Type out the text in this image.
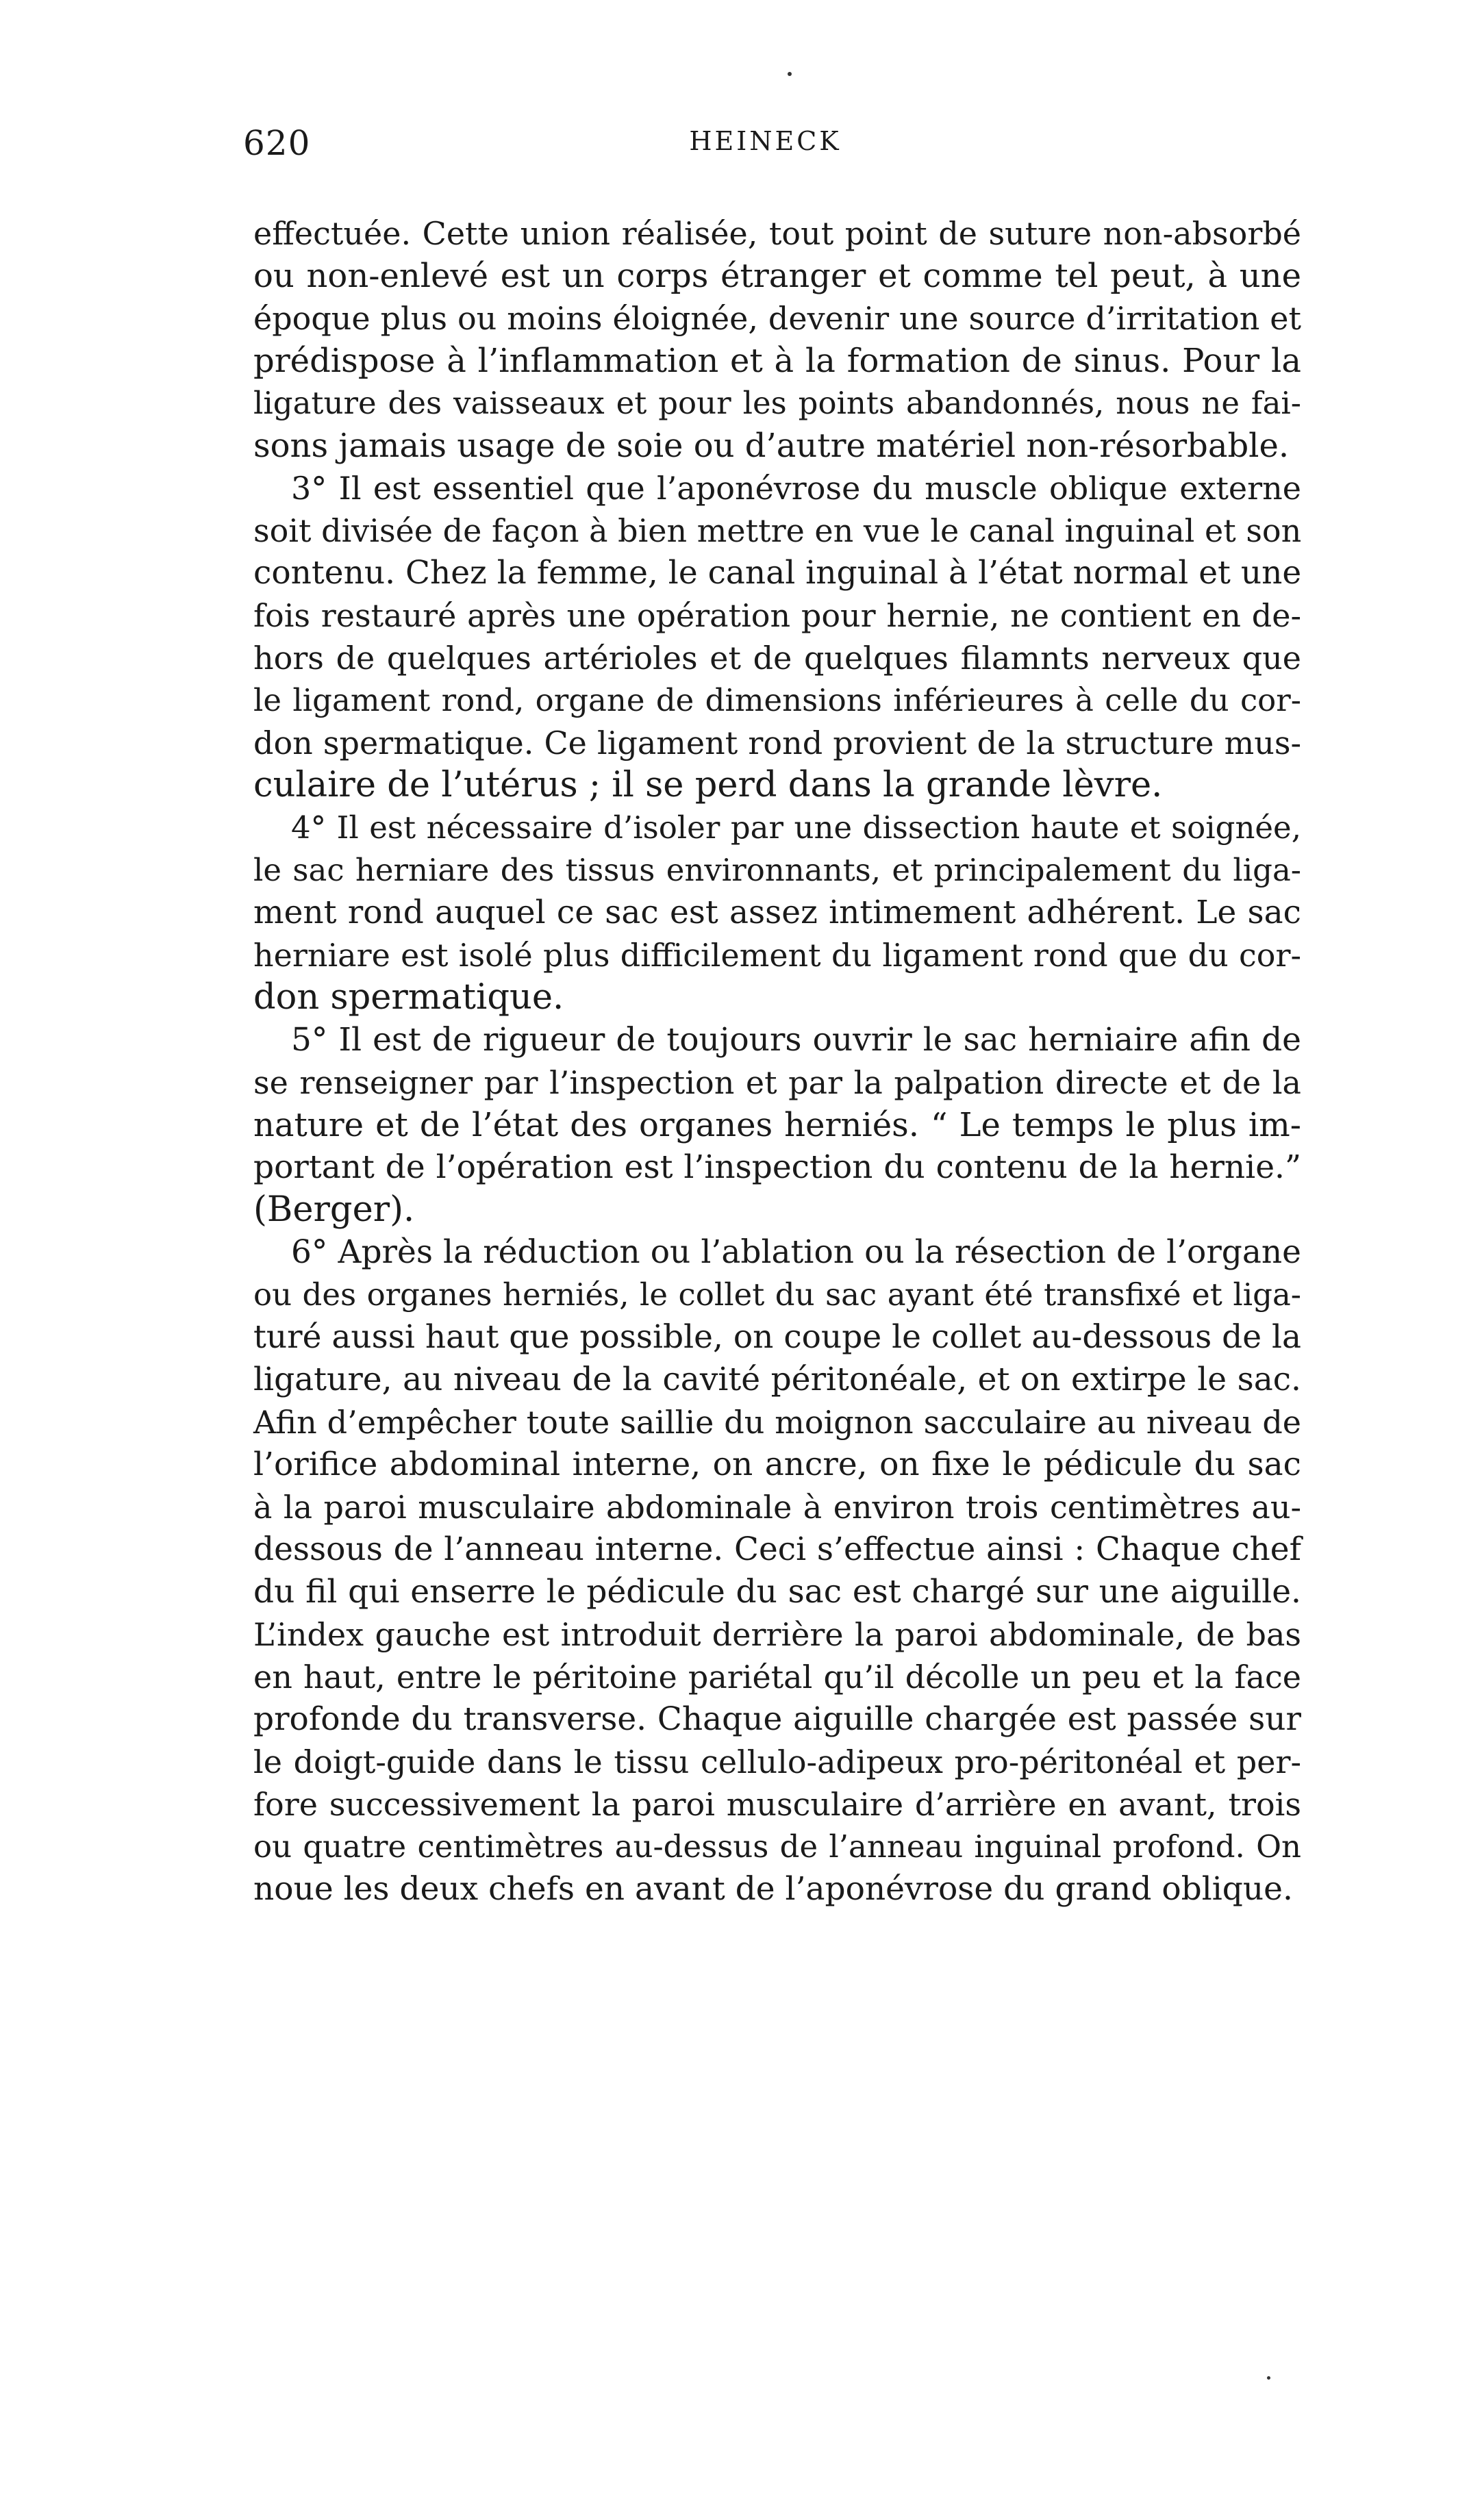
620	HEINECK
effectuée. Cette union réalisée, tout point de suture non-absorbé
ou non-enlevé est un corps étranger et comme tel peut, à une
époque plus ou moins éloignée, devenir une source d’irritation et
prédispose à l’inflammation et à la formation de sinus. Pour la
ligature des vaisseaux et pour les points abandonnés, nous ne fai-
sons jamais usage de soie ou d’autre matériel non-résorbable.
3° Il est essentiel que l’aponévrose du muscle oblique externe
soit divisée de façon à bien mettre en vue le canal inguinal et son
contenu. Chez la femme, le canal inguinal à l’état normal et une
fois restauré après une opération pour hernie, ne contient en de-
hors de quelques artérioles et de quelques filamnts nerveux que
le ligament rond, organe de dimensions inférieures à celle du cor-
don spermatique. Ce ligament rond provient de la structure mus-
culaire de l’utérus ; il se perd dans la grande lèvre.
4° Il est nécessaire d’isoler par une dissection haute et soignée,
le sac herniare des tissus environnants, et principalement du liga-
ment rond auquel ce sac est assez intimement adhérent. Le sac
herniare est isolé plus difficilement du ligament rond que du cor-
don spermatique.
5° Il est de rigueur de toujours ouvrir le sac herniaire afin de
se renseigner par l’inspection et par la palpation directe et de la
nature et de l’état des organes herniés. “ Le temps le plus im-
portant de l’opération est l’inspection du contenu de la hernie.”
(Berger).
6° Après la réduction ou l’ablation ou la résection de l’organe
ou des organes herniés, le collet du sac ayant été transfixé et liga-
turé aussi haut que possible, on coupe le collet au-dessous de la
ligature, au niveau de la cavité péritonéale, et on extirpe le sac.
Afin d’empêcher toute saillie du moignon sacculaire au niveau de
l’orifice abdominal interne, on ancre, on fixe le pédicule du sac
à la paroi musculaire abdominale à environ trois centimètres au-
dessous de l’anneau interne. Ceci s’effectue ainsi : Chaque chef
du fil qui enserre le pédicule du sac est chargé sur une aiguille.
L’index gauche est introduit derrière la paroi abdominale, de bas
en haut, entre le péritoine pariétal qu’il décolle un peu et la face
profonde du transverse. Chaque aiguille chargée est passée sur
le doigt-guide dans le tissu cellulo-adipeux pro-péritonéal et per-
fore successivement la paroi musculaire d’arrière en avant, trois
ou quatre centimètres au-dessus de l’anneau inguinal profond. On
noue les deux chefs en avant de l’aponévrose du grand oblique.
